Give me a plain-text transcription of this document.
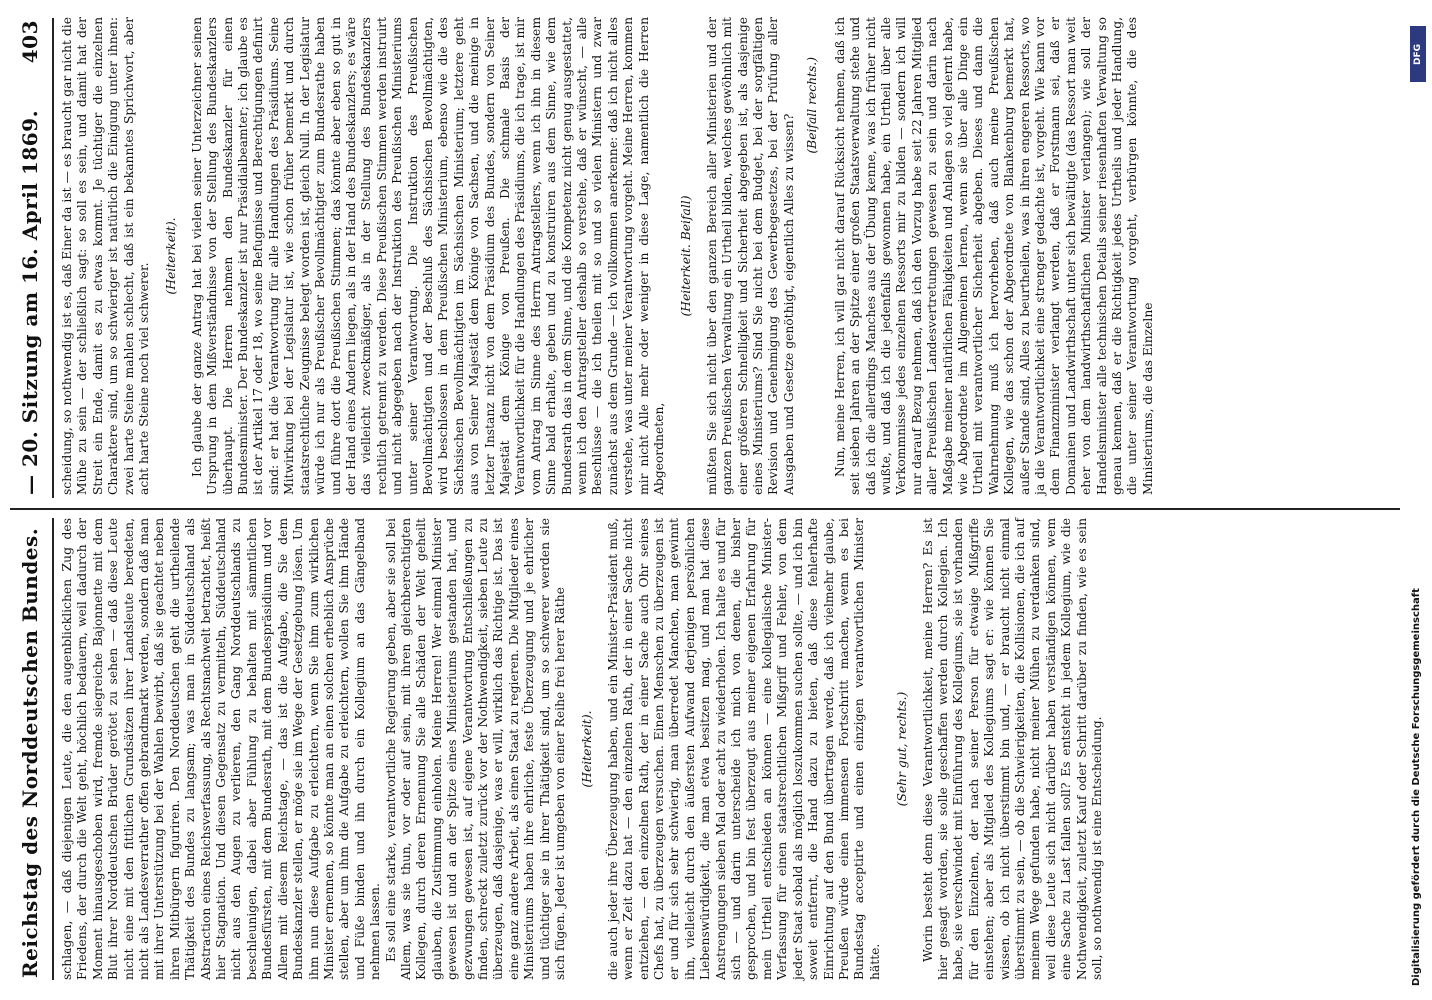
Reichstag des Norddeutschen Bundes.
— 20. Sitzung am 16. April 1869.
403

schlagen, — daß diejenigen Leute, die den augenblicklichen Zug des Friedens, der durch die Welt geht, höchlich bedauern, weil dadurch der Moment hinausgeschoben wird, fremde siegreiche Bajonnette mit dem Blut ihrer Norddeutschen Brüder gerötet zu sehen — daß diese Leute nicht eine mit den fittlichen Grundsätzen ihrer Landsleute beredeten, nicht als Landesverrather offen gebrandmarkt werden, sondern daß man mit ihrer Unterstützung bei der Wahlen bewirbt, daß sie geachtet neben ihren Mitbürgern figuriren. Den Norddeutschen geht die urtheilende Thätigkeit des Bundes zu langsam; was man in Süddeutschland als Abstraction eines Reichsverfassung, als Rechtsnachwelt betrachtet, heißt hier Stagnation. Und diesen Gegensatz zu vermitteln, Süddeutschland nicht aus den Augen zu verlieren, den Gang Norddeutschlands zu beschleunigen, dabei aber Fühlung zu behalten mit sämmtlichen Bundesfürsten, mit dem Bundesrath, mit dem Bundespräsidium und vor Allem mit diesem Reichstage, — das ist die Aufgabe, die Sie dem Bundeskanzler stellen, er möge sie im Wege der Gesetzgebung lösen. Um ihm nun diese Aufgabe zu erleichtern, wenn Sie ihm zum wirklichen Minister ernennen, so könnte man an einen solchen erheblich Ansprüche stellen, aber um ihm die Aufgabe zu erleichtern, wollen Sie ihm Hände und Füße binden und ihn durch ein Kollegium an das Gängelband nehmen lassen. Es soll eine starke, verantwortliche Regierung geben, aber sie soll bei Allem, was sie thun, vor oder auf sein, mit ihren gleichberechtigten Kollegen, durch deren Ernennung Sie alle Schäden der Welt geheilt glauben, die Zustimmung einholen. Meine Herren! Wer einmal Minister gewesen ist und an der Spitze eines Ministeriums gestanden hat, und gezwungen gewesen ist, auf eigene Verantwortung Entschließungen zu finden, schreckt zuletzt zurück vor der Nothwendigkeit, sieben Leute zu überzeugen, daß dasjenige, was er will, wirklich das Richtige ist. Das ist eine ganz andere Arbeit, als einen Staat zu regieren. Die Mitglieder eines Ministeriums haben ihre ehrliche, feste Überzeugung und je ehrlicher und tüchtiger sie in ihrer Thätigkeit sind, um so schwerer werden sie sich fügen. Jeder ist umgeben von einer Reihe frei herer Räthe (Heiterkeit). die auch jeder ihre Überzeugung haben, und ein Minister-Präsident muß, wenn er Zeit dazu hat — den einzelnen Rath, der in einer Sache nicht entziehen, — den einzelnen Rath, der in einer Sache auch Ohr seines Chefs hat, zu überzeugen versuchen. Einen Menschen zu überzeugen ist er und für sich sehr schwierig, man überredet Manchen, man gewinnt ihn, vielleicht durch den äußersten Aufwand derjenigen persönlichen Liebenswürdigkeit, die man etwa besitzen mag, und man hat diese Anstrengungen sieben Mal oder acht zu wiederholen. Ich halte es und für sich — und darin unterscheide ich mich von denen, die bisher gesprochen, und bin fest überzeugt aus meiner eigenen Erfahrung für mein Urtheil entschieden an können — eine kollegialische Minister-Verfassung für einen staatsrechtlichen Mißgriff und Fehler, von dem jeder Staat sobald als möglich loszukommen suchen sollte, — und ich bin soweit entfernt, die Hand dazu zu bieten, daß diese fehlerhafte Einrichtung auf den Bund übertragen werde, daß ich vielmehr glaube, Preußen würde einen immensen Fortschritt machen, wenn es bei Bundestag acceptirte und einen einzigen verantwortlichen Minister hätte.

(Sehr gut, rechts.) Worin besteht denn diese Verantwortlichkeit, meine Herren? Es ist hier gesagt worden, sie solle geschaffen werden durch Kollegien. Ich habe, sie verschwindet mit Einführung des Kollegiums, sie ist vorhanden für den Einzelnen, der nach seiner Person für etwaige Mißgriffe einstehen; aber als Mitglied des Kollegiums sagt er: wie können Sie wissen, ob ich nicht überstimmt bin und, — er braucht nicht einmal überstimmt zu sein, — ob die Schwierigkeiten, die Kollisionen, die ich auf meinem Wege gefunden habe, nicht meiner Mühen zu verdanken sind, weil diese Leute sich nicht darüber haben verständigen können, wem eine Sache zu Last fallen soll? Es entsteht in jedem Kollegium, wie die Nothwendigkeit, zuletzt Kauf oder Schritt darüber zu finden, wie es sein soll, so nothwendig ist eine Entscheidung.

scheidung, so nothwendig ist es, daß Einer da ist — es braucht gar nicht die Mühe zu sein — der schließlich sagt: so soll es sein, und damit hat der Streit ein Ende, damit es zu etwas kommt. Je tüchtiger die einzelnen Charaktere sind, um so schwieriger ist natürlich die Einigung unter ihnen: zwei harte Steine mahlen schlecht, daß ist ein bekanntes Sprichwort, aber acht harte Steine noch viel schwerer.

(Heiterkeit). Ich glaube der ganze Antrag hat bei vielen seiner Unterzeichner seinen Ursprung in dem Mißverständnisse von der Stellung des Bundeskanzlers überhaupt. Die Herren nehmen den Bundeskanzler für einen Bundesminister. Der Bundeskanzler ist nur Präsidialbeamter; ich glaube es ist der Artikel 17 oder 18, wo seine Befugnisse und Berechtigungen definirt sind: er hat die Verantwortung für alle Handlungen des Präsidiums. Seine Mitwirkung bei der Legislatur ist, wie schon früher bemerkt und durch staatsrechtliche Zeugnisse belegt worden ist, gleich Null. In der Legislatur würde ich nur als Preußischer Bevollmächtigter zum Bundesrathe haben und führe dort die Preußischen Stimmen; das könnte aber eben so gut in der Hand eines Andern liegen, als in der Hand des Bundeskanzlers; es wäre das vielleicht zweckmäßiger, als in der Stellung des Bundeskanzlers rechtlich getrennt zu werden. Diese Preußischen Stimmen werden instruirt und nicht abgegeben nach der Instruktion des Preußischen Ministeriums unter seiner Verantwortung. Die Instruktion des Preußischen Bevollmächtigten und der Beschluß des Sächsischen Bevollmächtigten, wird beschlossen in dem Preußischen Ministerium, ebenso wie die des Sächsischen Bevollmächtigten im Sächsischen Ministerium; letztere geht aus von Seiner Majestät dem Könige von Sachsen, und die meinige in letzter Instanz nicht von dem Präsidium des Bundes, sondern von Seiner Majestät dem Könige von Preußen. Die schmale Basis der Verantwortlichkeit für die Handlungen des Präsidiums, die ich trage, ist mir vom Antrag im Sinne des Herrn Antragstellers, wenn ich ihn in diesem Sinne bald erhalte, geben und zu konstruiren aus dem Sinne, wie dem Bundesrath das in dem Sinne, und die Kompetenz nicht genug ausgestattet, wenn ich den Antragsteller deshalb so verstehe, daß er wünscht, — alle Beschlüsse — die ich theilen mit so und so vielen Ministern und zwar zunächst aus dem Grunde — ich vollkommen anerkenne: daß ich nicht alles verstehe, was unter meiner Verantwortung vorgeht. Meine Herren, kommen mir nicht Alle mehr oder weniger in diese Lage, namentlich die Herren Abgeordneten,

(Heiterkeit. Beifall) müßten Sie sich nicht über den ganzen Bereich aller Ministerien und der ganzen Preußischen Verwaltung ein Urtheil bilden, welches gewöhnlich mit einer größeren Schnelligkeit und Sicherheit abgegeben ist, als dasjenige eines Ministeriums? Sind Sie nicht bei dem Budget, bei der sorgfältigen Revision und Genehmigung des Gewerbegesetzes, bei der Prüfung aller Ausgaben und Gesetze genöthigt, eigentlich Alles zu wissen?

(Beifall rechts.) Nun, meine Herren, ich will gar nicht darauf Rücksicht nehmen, daß ich seit sieben Jahren an der Spitze einer großen Staatsverwaltung stehe und daß ich die allerdings Manches aus der Übung kenne, was ich früher nicht wußte, und daß ich die jedenfalls gewonnen habe, ein Urtheil über alle Verkommnisse jedes einzelnen Ressorts mir zu bilden — sondern ich will nur darauf Bezug nehmen, daß ich den Vorzug habe seit 22 Jahren Mitglied aller Preußischen Landesvertretungen gewesen zu sein und darin nach Maßgabe meiner natürlichen Fähigkeiten und Anlagen so viel gelernt habe, wie Abgeordnete im Allgemeinen lernen, wenn sie über alle Dinge ein Urtheil mit verantwortlicher Sicherheit abgeben. Dieses und dann die Wahrnehmung muß ich hervorheben, daß auch meine Preußischen Kollegen, wie das schon der Abgeordnete von Blankenburg bemerkt hat, außer Stande sind, Alles zu beurtheilen, was in ihren engeren Ressorts, wo ja die Verantwortlichkeit eine strenger gedachte ist, vorgeht. Wie kann vor dem Finanzminister verlangt werden, daß er Forstmann sei, daß er Domainen und Landwirthschaft unter sich bewältigte (das Ressort man weit eher von dem landwirthschaftlichen Minister verlangen); wie soll der Handelsminister alle technischen Details seiner riesenhaften Verwaltung so genau kennen, daß er die Richtigkeit jedes Urtheils und jeder Handlung, die unter seiner Verantwortung vorgeht, verbürgen könnte, die des Ministeriums, die das Einzelne

DFG
Digitalisierung gefördert durch die Deutsche Forschungsgemeinschaft
